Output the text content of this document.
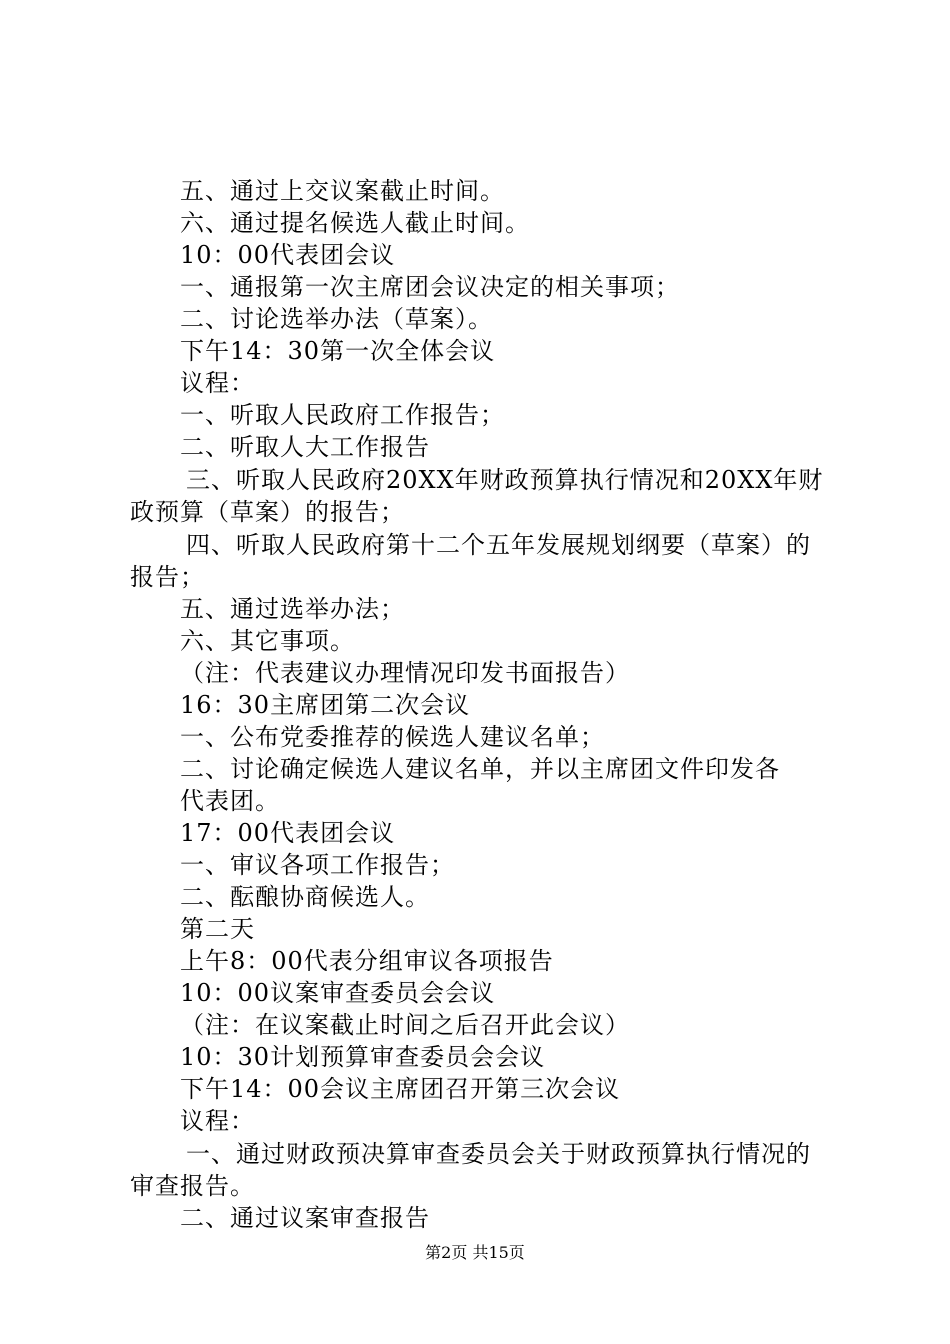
五、通过上交议案截止时间。
六、通过提名候选人截止时间。
10：00代表团会议
一、通报第一次主席团会议决定的相关事项；
二、讨论选举办法（草案）。
下午14：30第一次全体会议
议程：
一、听取人民政府工作报告；
二、听取人大工作报告
三、听取人民政府20XX年财政预算执行情况和20XX年财
政预算（草案）的报告；
四、听取人民政府第十二个五年发展规划纲要（草案）的
报告；
五、通过选举办法；
六、其它事项。
（注：代表建议办理情况印发书面报告）
16：30主席团第二次会议
一、公布党委推荐的候选人建议名单；
二、讨论确定候选人建议名单，并以主席团文件印发各
代表团。
17：00代表团会议
一、审议各项工作报告；
二、酝酿协商候选人。
第二天
上午8：00代表分组审议各项报告
10：00议案审查委员会会议
（注：在议案截止时间之后召开此会议）
10：30计划预算审查委员会会议
下午14：00会议主席团召开第三次会议
议程：
一、通过财政预决算审查委员会关于财政预算执行情况的
审查报告。
二、通过议案审查报告
第2页 共15页
